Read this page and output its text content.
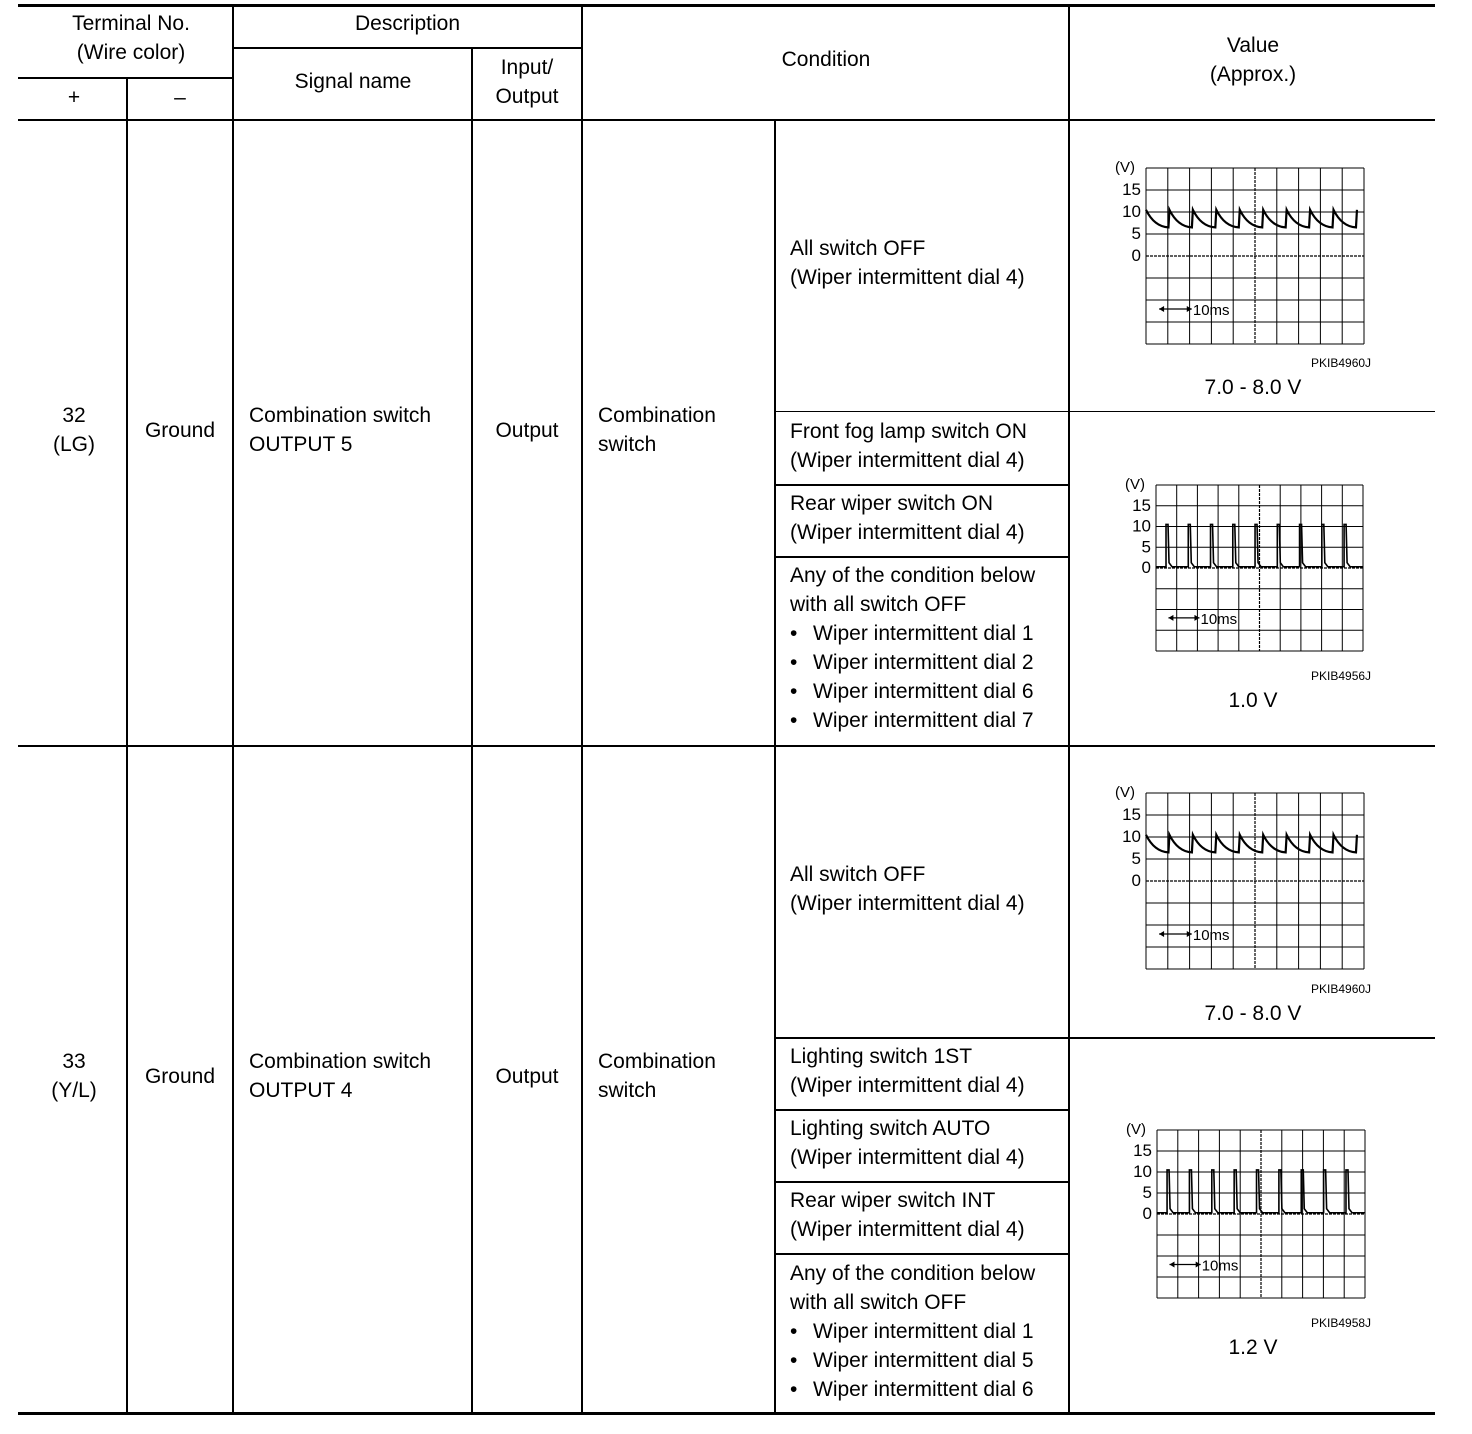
Terminal No.
(Wire color)
+	–
Description
Signal name
Input/
Output
Condition
Value
(Approx.)
32
(LG)
Ground
Combination switch
OUTPUT 5
Output
Combination
switch
All switch OFF
(Wiper intermittent dial 4)
Front fog lamp switch ON
(Wiper intermittent dial 4)
Rear wiper switch ON
(Wiper intermittent dial 4)
Any of the condition below
with all switch OFF
• Wiper intermittent dial 1
• Wiper intermittent dial 2
• Wiper intermittent dial 6
• Wiper intermittent dial 7
(V)
15
10
5
0
10ms
PKIB4960J
7.0 - 8.0 V
(V)
15
10
5
0
10ms
PKIB4956J
1.0 V
33
(Y/L)
Ground
Combination switch
OUTPUT 4
Output
Combination
switch
All switch OFF
(Wiper intermittent dial 4)
Lighting switch 1ST
(Wiper intermittent dial 4)
Lighting switch AUTO
(Wiper intermittent dial 4)
Rear wiper switch INT
(Wiper intermittent dial 4)
Any of the condition below
with all switch OFF
• Wiper intermittent dial 1
• Wiper intermittent dial 5
• Wiper intermittent dial 6
(V)
15
10
5
0
10ms
PKIB4960J
7.0 - 8.0 V
(V)
15
10
5
0
10ms
PKIB4958J
1.2 V
